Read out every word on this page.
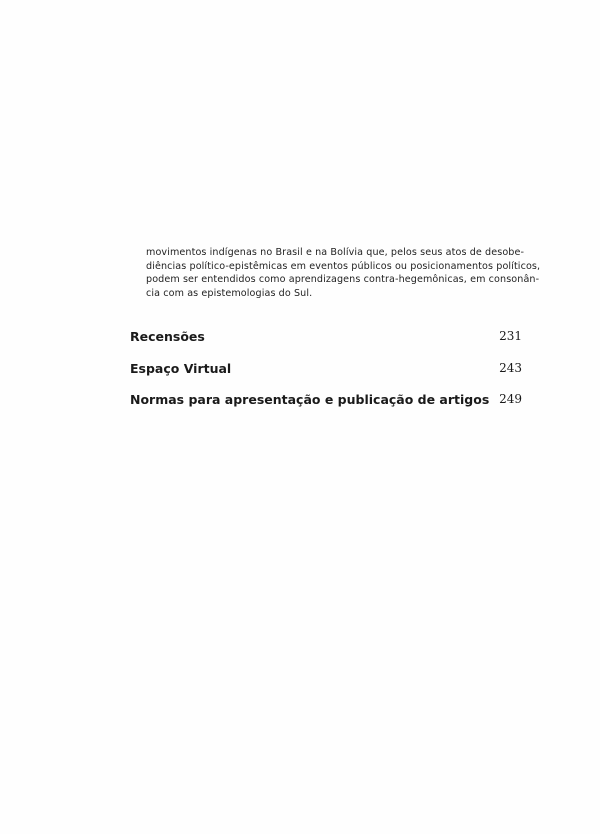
movimentos indígenas no Brasil e na Bolívia que, pelos seus atos de desobe-
diências político-epistêmicas em eventos públicos ou posicionamentos políticos,
podem ser entendidos como aprendizagens contra-hegemônicas, em consonân-
cia com as epistemologias do Sul.
Recensões	231
Espaço Virtual	243
Normas para apresentação e publicação de artigos 249
